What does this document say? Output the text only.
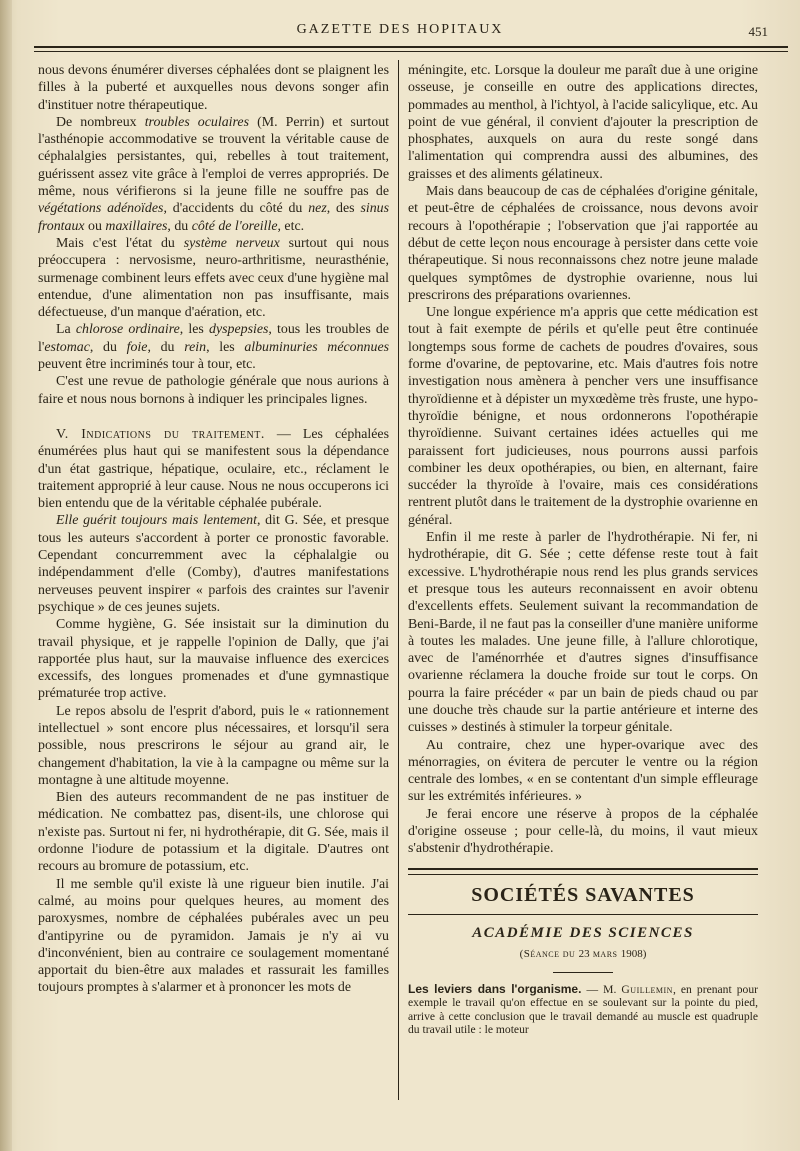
GAZETTE DES HOPITAUX	451

nous devons énumérer diverses céphalées dont se plaignent les filles à la puberté et auxquelles nous devons songer afin d'instituer notre thérapeutique.

De nombreux troubles oculaires (M. Perrin) et surtout l'asthénopie accommodative se trouvent la véritable cause de céphalalgies persistantes, qui, rebelles à tout traitement, guérissent assez vite grâce à l'emploi de verres appropriés. De même, nous vérifierons si la jeune fille ne souffre pas de végétations adénoïdes, d'accidents du côté du nez, des sinus frontaux ou maxillaires, du côté de l'oreille, etc.

Mais c'est l'état du système nerveux surtout qui nous préoccupera : nervosisme, neuro-arthritisme, neurasthénie, surmenage combinent leurs effets avec ceux d'une hygiène mal entendue, d'une alimentation non pas insuffisante, mais défectueuse, d'un manque d'aération, etc.

La chlorose ordinaire, les dyspepsies, tous les troubles de l'estomac, du foie, du rein, les albuminuries méconnues peuvent être incriminés tour à tour, etc.

C'est une revue de pathologie générale que nous aurions à faire et nous nous bornons à indiquer les principales lignes.

V. Indications du traitement. — Les céphalées énumérées plus haut qui se manifestent sous la dépendance d'un état gastrique, hépatique, oculaire, etc., réclament le traitement approprié à leur cause. Nous ne nous occuperons ici bien entendu que de la véritable céphalée pubérale.

Elle guérit toujours mais lentement, dit G. Sée, et presque tous les auteurs s'accordent à porter ce pronostic favorable. Cependant concurremment avec la céphalalgie ou indépendamment d'elle (Comby), d'autres manifestations nerveuses peuvent inspirer « parfois des craintes sur l'avenir psychique » de ces jeunes sujets.

Comme hygiène, G. Sée insistait sur la diminution du travail physique, et je rappelle l'opinion de Dally, que j'ai rapportée plus haut, sur la mauvaise influence des exercices excessifs, des longues promenades et d'une gymnastique prématurée trop active.

Le repos absolu de l'esprit d'abord, puis le « rationnement intellectuel » sont encore plus nécessaires, et lorsqu'il sera possible, nous prescrirons le séjour au grand air, le changement d'habitation, la vie à la campagne ou même sur la montagne à une altitude moyenne.

Bien des auteurs recommandent de ne pas instituer de médication. Ne combattez pas, disent-ils, une chlorose qui n'existe pas. Surtout ni fer, ni hydrothérapie, dit G. Sée, mais il ordonne l'iodure de potassium et la digitale. D'autres ont recours au bromure de potassium, etc.

Il me semble qu'il existe là une rigueur bien inutile. J'ai calmé, au moins pour quelques heures, au moment des paroxysmes, nombre de céphalées pubérales avec un peu d'antipyrine ou de pyramidon. Jamais je n'y ai vu d'inconvénient, bien au contraire ce soulagement momentané apportait du bien-être aux malades et rassurait les familles toujours promptes à s'alarmer et à prononcer les mots de

méningite, etc. Lorsque la douleur me paraît due à une origine osseuse, je conseille en outre des applications directes, pommades au menthol, à l'ichtyol, à l'acide salicylique, etc. Au point de vue général, il convient d'ajouter la prescription de phosphates, auxquels on aura du reste songé dans l'alimentation qui comprendra aussi des albumines, des graisses et des aliments gélatineux.

Mais dans beaucoup de cas de céphalées d'origine génitale, et peut-être de céphalées de croissance, nous devons avoir recours à l'opothérapie ; l'observation que j'ai rapportée au début de cette leçon nous encourage à persister dans cette voie thérapeutique. Si nous reconnaissons chez notre jeune malade quelques symptômes de dystrophie ovarienne, nous lui prescrirons des préparations ovariennes.

Une longue expérience m'a appris que cette médication est tout à fait exempte de périls et qu'elle peut être continuée longtemps sous forme de cachets de poudres d'ovaires, sous forme d'ovarine, de peptovarine, etc. Mais d'autres fois notre investigation nous amènera à pencher vers une insuffisance thyroïdienne et à dépister un myxœdème très fruste, une hypo-thyroïdie bénigne, et nous ordonnerons l'opothérapie thyroïdienne. Suivant certaines idées actuelles qui me paraissent fort judicieuses, nous pourrons aussi parfois combiner les deux opothérapies, ou bien, en alternant, faire succéder la thyroïde à l'ovaire, mais ces considérations rentrent plutôt dans le traitement de la dystrophie ovarienne en général.

Enfin il me reste à parler de l'hydrothérapie. Ni fer, ni hydrothérapie, dit G. Sée ; cette défense reste tout à fait excessive. L'hydrothérapie nous rend les plus grands services et presque tous les auteurs reconnaissent en avoir obtenu d'excellents effets. Seulement suivant la recommandation de Beni-Barde, il ne faut pas la conseiller d'une manière uniforme à toutes les malades. Une jeune fille, à l'allure chlorotique, avec de l'aménorrhée et d'autres signes d'insuffisance ovarienne réclamera la douche froide sur tout le corps. On pourra la faire précéder « par un bain de pieds chaud ou par une douche très chaude sur la partie antérieure et interne des cuisses » destinés à stimuler la torpeur génitale.

Au contraire, chez une hyper-ovarique avec des ménorragies, on évitera de percuter le ventre ou la région centrale des lombes, « en se contentant d'un simple effleurage sur les extrémités inférieures. »

Je ferai encore une réserve à propos de la céphalée d'origine osseuse ; pour celle-là, du moins, il vaut mieux s'abstenir d'hydrothérapie.

SOCIÉTÉS SAVANTES
ACADÉMIE DES SCIENCES
(Séance du 23 mars 1908)
Les leviers dans l'organisme. — M. Guillemin, en prenant pour exemple le travail qu'on effectue en se soulevant sur la pointe du pied, arrive à cette conclusion que le travail demandé au muscle est quadruple du travail utile : le moteur
